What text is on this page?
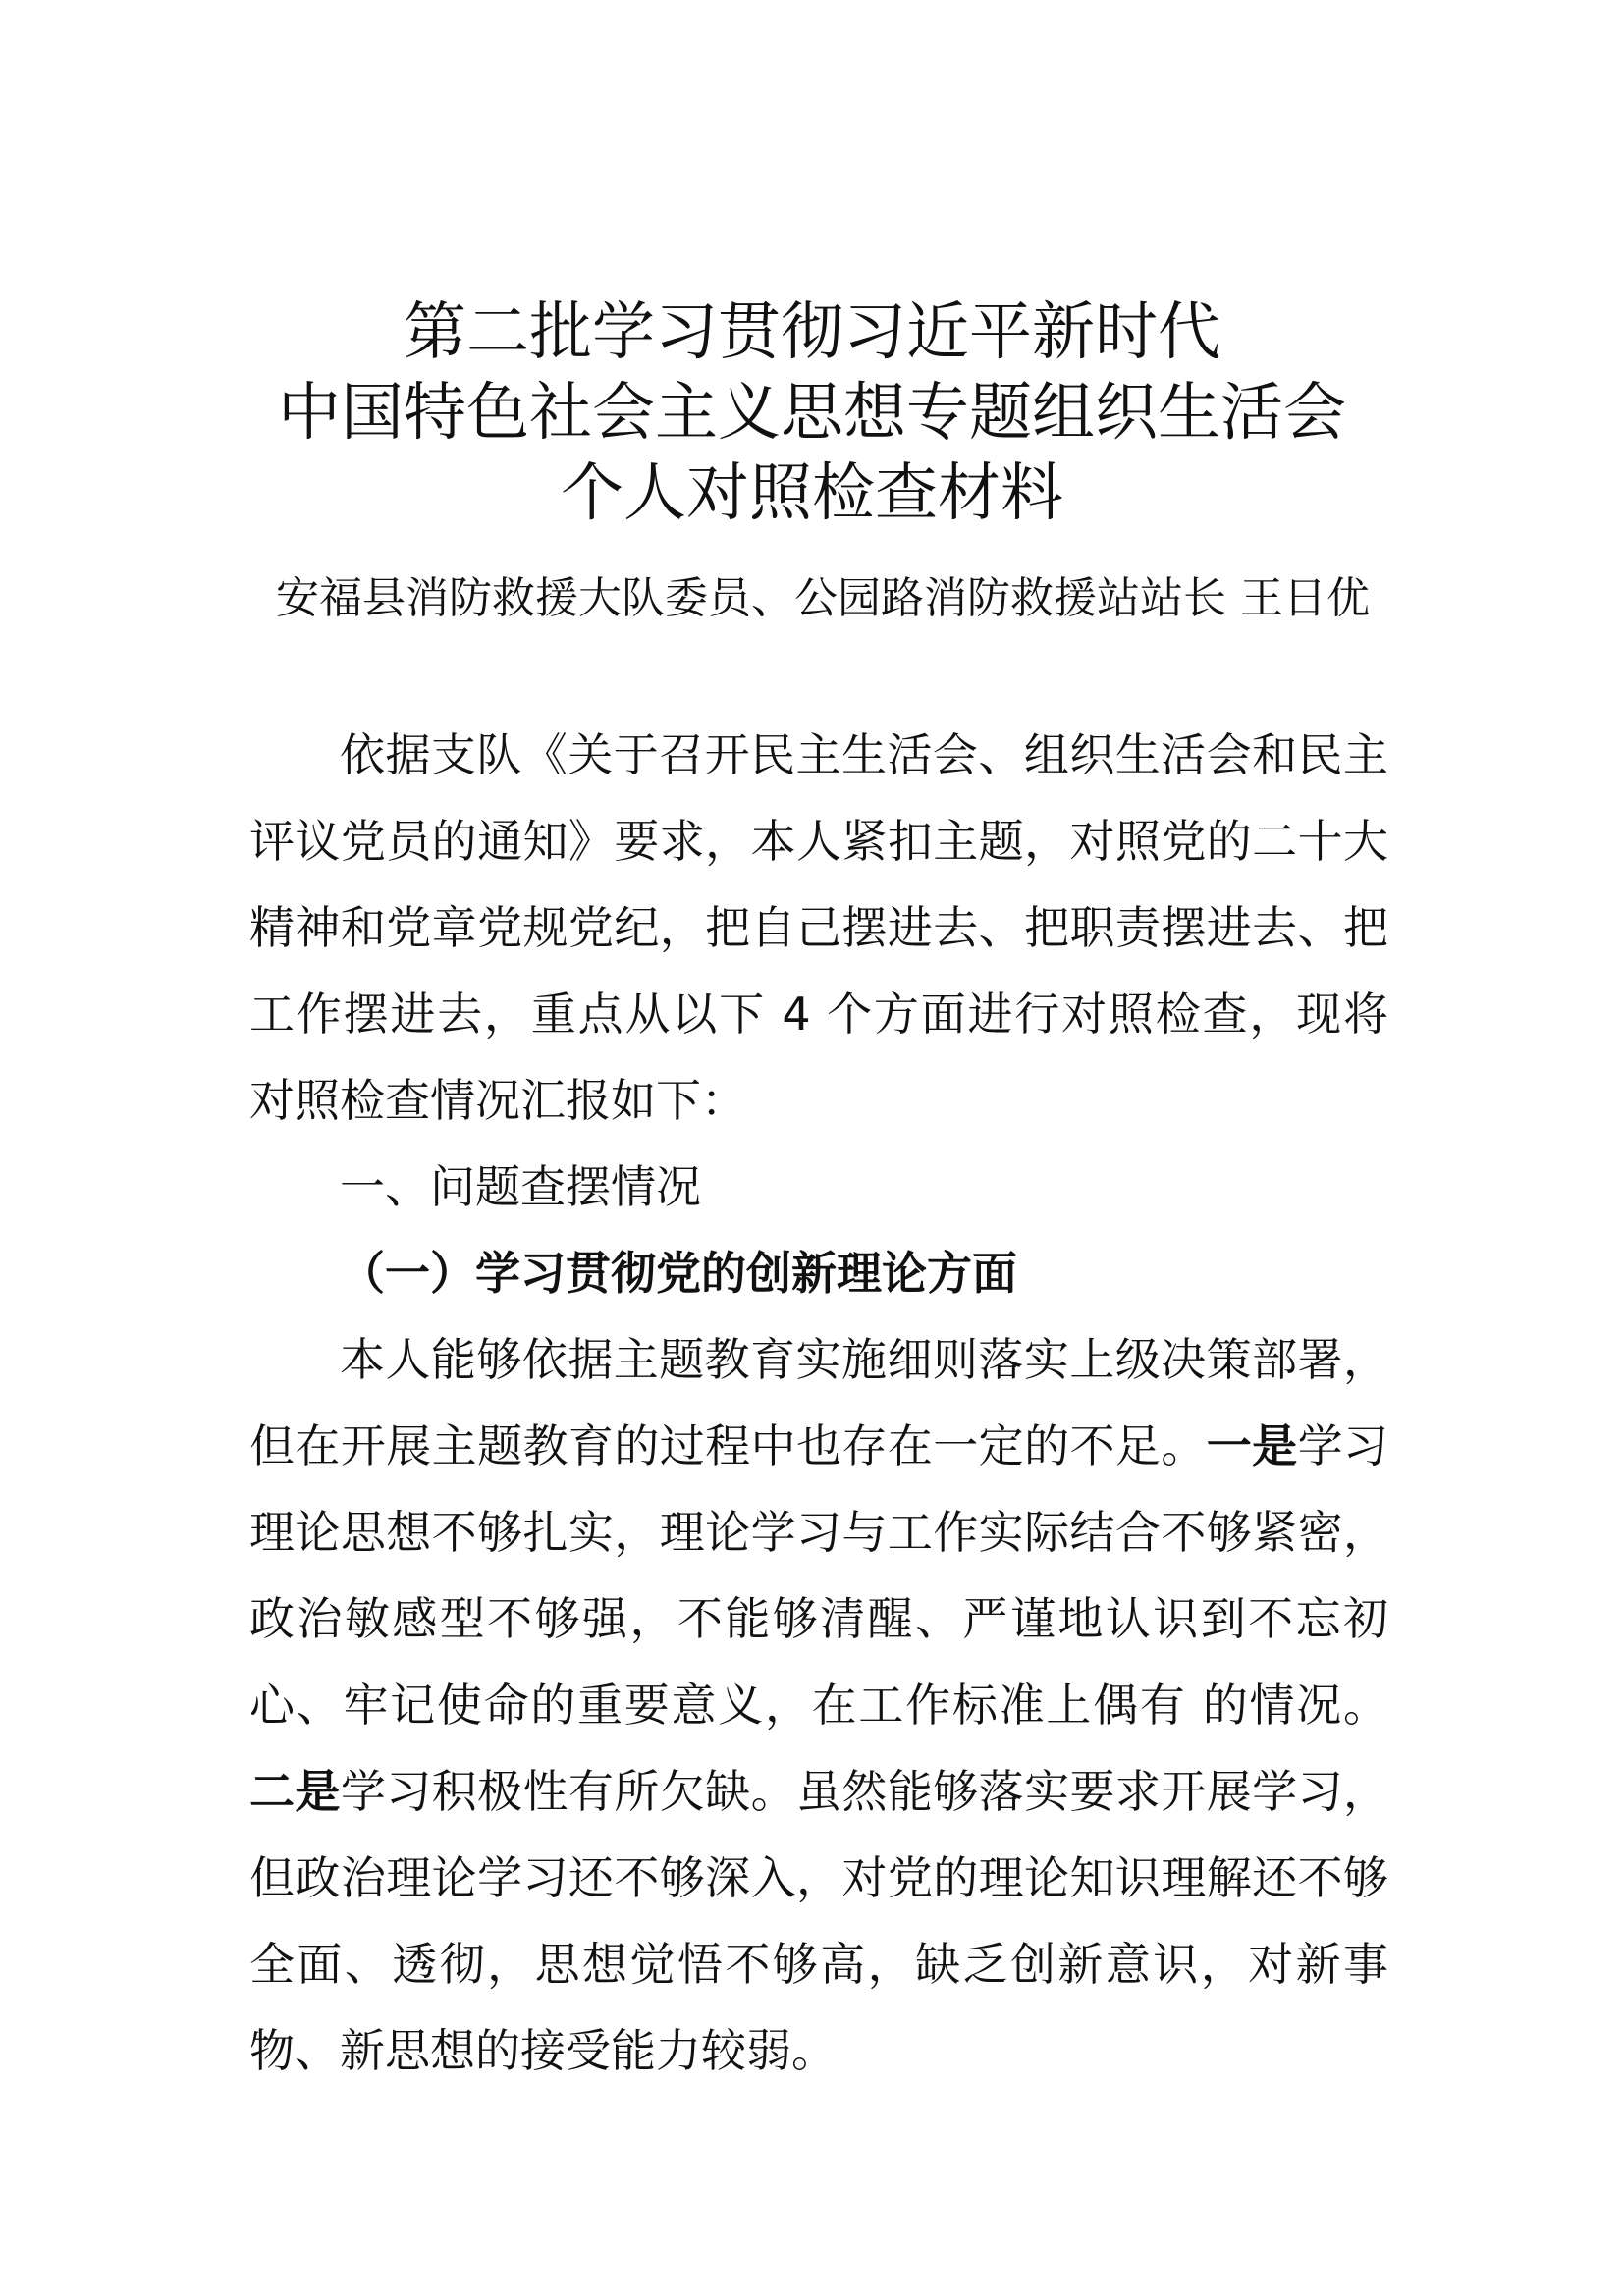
第二批学习贯彻习近平新时代
中国特色社会主义思想专题组织生活会
个人对照检查材料
安福县消防救援大队委员、公园路消防救援站站长 王日优

依据支队《关于召开民主生活会、组织生活会和民主评议党员的通知》要求，本人紧扣主题，对照党的二十大精神和党章党规党纪，把自己摆进去、把职责摆进去、把工作摆进去，重点从以下 4 个方面进行对照检查，现将对照检查情况汇报如下：

一、问题查摆情况

（一）学习贯彻党的创新理论方面

本人能够依据主题教育实施细则落实上级决策部署，但在开展主题教育的过程中也存在一定的不足。一是学习理论思想不够扎实，理论学习与工作实际结合不够紧密，政治敏感型不够强，不能够清醒、严谨地认识到不忘初心、牢记使命的重要意义，在工作标准上偶有 的情况。二是学习积极性有所欠缺。虽然能够落实要求开展学习，但政治理论学习还不够深入，对党的理论知识理解还不够全面、透彻，思想觉悟不够高，缺乏创新意识，对新事物、新思想的接受能力较弱。
